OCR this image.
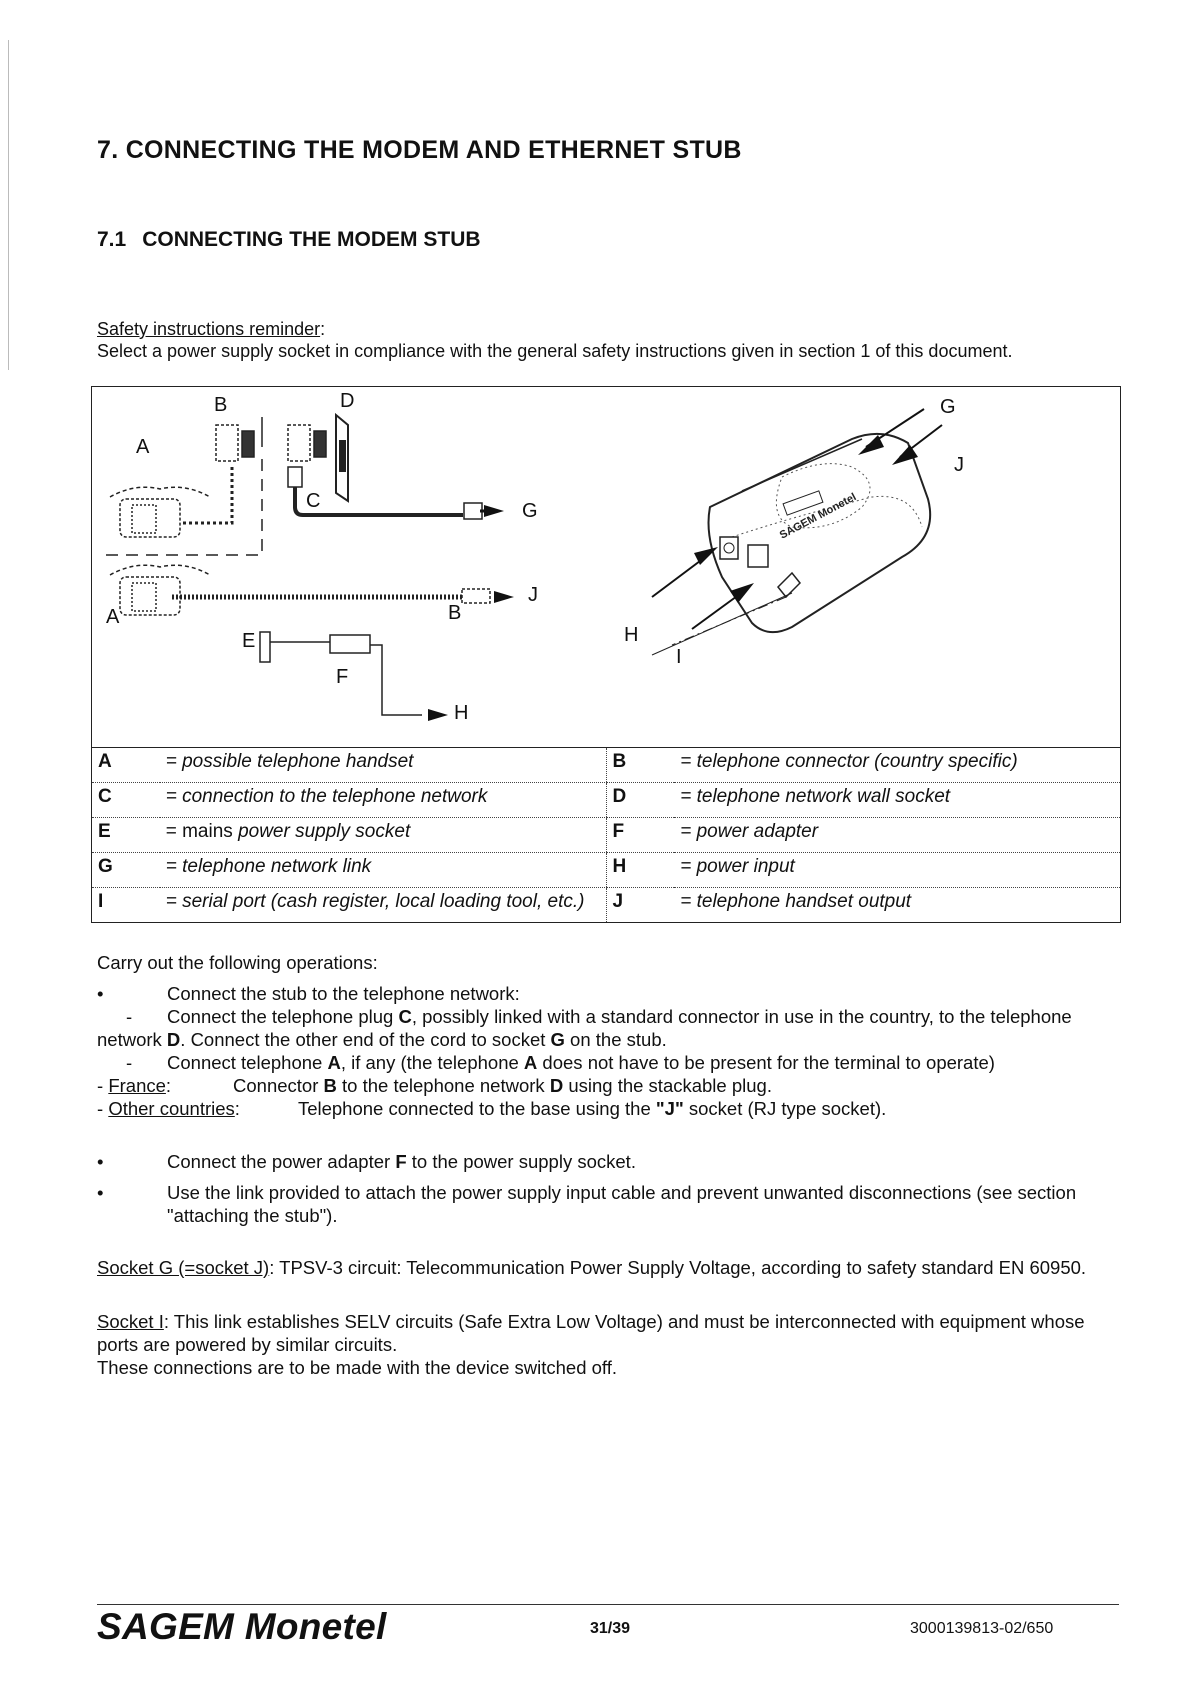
7. CONNECTING THE MODEM AND ETHERNET STUB
7.1 CONNECTING THE MODEM STUB
Safety instructions reminder:
Select a power supply socket in compliance with the general safety instructions given in section 1 of this document.
B	D
A
C	G
J
B
A
E
F
H
SAGEM Monetel
G
J
H
I
A	= possible telephone handset	B	= telephone connector (country specific)
C	= connection to the telephone network	D	= telephone network wall socket
E	= mains power supply socket	F	= power adapter
G	= telephone network link	H	= power input
I	= serial port (cash register, local loading tool, etc.)	J	= telephone handset output
Carry out the following operations:
•	Connect the stub to the telephone network:
- Connect the telephone plug C, possibly linked with a standard connector in use in the country, to the telephone network D. Connect the other end of the cord to socket G on the stub.
- Connect telephone A, if any (the telephone A does not have to be present for the terminal to operate)
- France:	Connector B to the telephone network D using the stackable plug.
- Other countries:	Telephone connected to the base using the "J" socket (RJ type socket).
•	Connect the power adapter F to the power supply socket.
•	Use the link provided to attach the power supply input cable and prevent unwanted disconnections (see section "attaching the stub").
Socket G (=socket J): TPSV-3 circuit: Telecommunication Power Supply Voltage, according to safety standard EN 60950.
Socket I: This link establishes SELV circuits (Safe Extra Low Voltage) and must be interconnected with equipment whose ports are powered by similar circuits.
These connections are to be made with the device switched off.
SAGEM Monetel	31/39	3000139813-02/650
